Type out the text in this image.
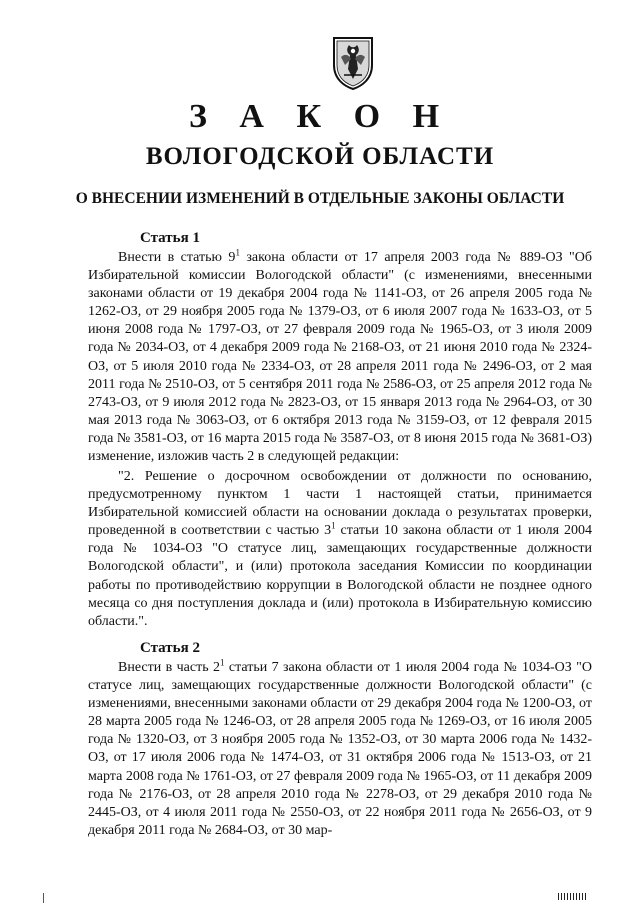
З А К О Н
ВОЛОГОДСКОЙ ОБЛАСТИ
О ВНЕСЕНИИ ИЗМЕНЕНИЙ В ОТДЕЛЬНЫЕ ЗАКОНЫ ОБЛАСТИ
Статья 1

Внести в статью $9^1$ закона области от 17 апреля 2003 года № 889-ОЗ "Об Избирательной комиссии Вологодской области" (с изменениями, внесенными законами области от 19 декабря 2004 года № 1141-ОЗ, от 26 апреля 2005 года № 1262-ОЗ, от 29 ноября 2005 года № 1379-ОЗ, от 6 июля 2007 года № 1633-ОЗ, от 5 июня 2008 года № 1797-ОЗ, от 27 февраля 2009 года № 1965-ОЗ, от 3 июля 2009 года № 2034-ОЗ, от 4 декабря 2009 года № 2168-ОЗ, от 21 июня 2010 года № 2324-ОЗ, от 5 июля 2010 года № 2334-ОЗ, от 28 апреля 2011 года № 2496-ОЗ, от 2 мая 2011 года № 2510-ОЗ, от 5 сентября 2011 года № 2586-ОЗ, от 25 апреля 2012 года № 2743-ОЗ, от 9 июля 2012 года № 2823-ОЗ, от 15 января 2013 года № 2964-ОЗ, от 30 мая 2013 года № 3063-ОЗ, от 6 октября 2013 года № 3159-ОЗ, от 12 февраля 2015 года № 3581-ОЗ, от 16 марта 2015 года № 3587-ОЗ, от 8 июня 2015 года № 3681-ОЗ) изменение, изложив часть 2 в следующей редакции:

"2. Решение о досрочном освобождении от должности по основанию, предусмотренному пунктом 1 части 1 настоящей статьи, принимается Избирательной комиссией области на основании доклада о результатах проверки, проведенной в соответствии с частью $3^1$ статьи 10 закона области от 1 июля 2004 года № 1034-ОЗ "О статусе лиц, замещающих государственные должности Вологодской области", и (или) протокола заседания Комиссии по координации работы по противодействию коррупции в Вологодской области не позднее одного месяца со дня поступления доклада и (или) протокола в Избирательную комиссию области.".

Статья 2

Внести в часть $2^1$ статьи 7 закона области от 1 июля 2004 года № 1034-ОЗ "О статусе лиц, замещающих государственные должности Вологодской области" (с изменениями, внесенными законами области от 29 декабря 2004 года № 1200-ОЗ, от 28 марта 2005 года № 1246-ОЗ, от 28 апреля 2005 года № 1269-ОЗ, от 16 июля 2005 года № 1320-ОЗ, от 3 ноября 2005 года № 1352-ОЗ, от 30 марта 2006 года № 1432-ОЗ, от 17 июля 2006 года № 1474-ОЗ, от 31 октября 2006 года № 1513-ОЗ, от 21 марта 2008 года № 1761-ОЗ, от 27 февраля 2009 года № 1965-ОЗ, от 11 декабря 2009 года № 2176-ОЗ, от 28 апреля 2010 года № 2278-ОЗ, от 29 декабря 2010 года № 2445-ОЗ, от 4 июля 2011 года № 2550-ОЗ, от 22 ноября 2011 года № 2656-ОЗ, от 9 декабря 2011 года № 2684-ОЗ, от 30 мар-
